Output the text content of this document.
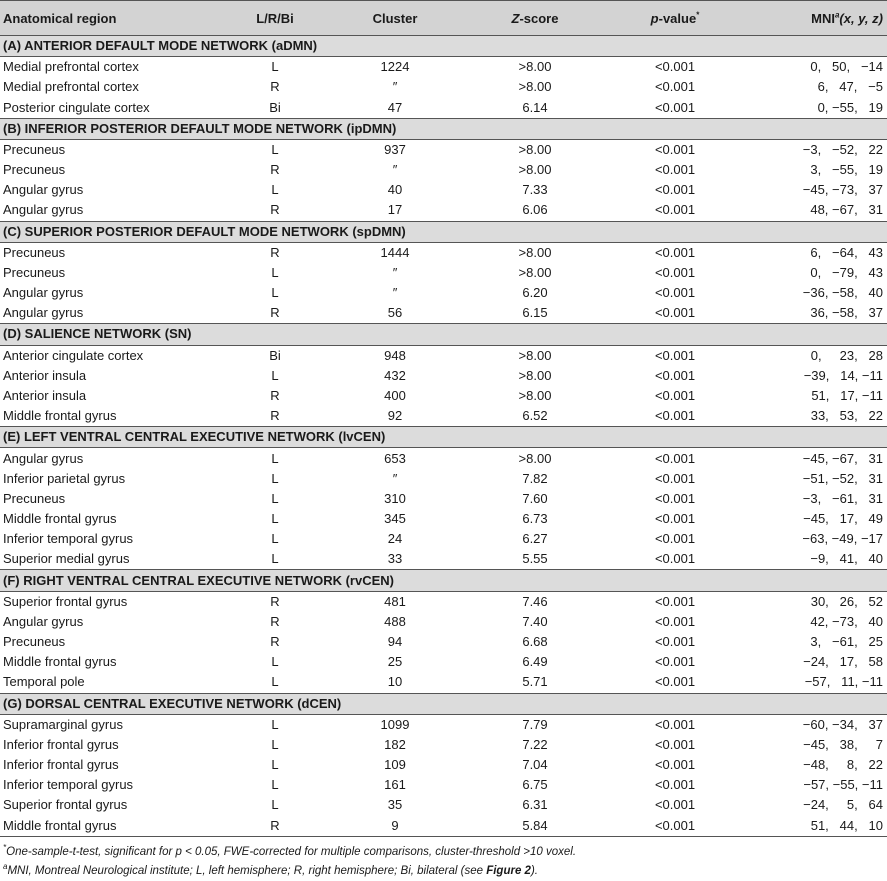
Anatomical region	L/R/Bi	Cluster	Z-score	p-value*	MNI$^a$(x, y, z)
(A) ANTERIOR DEFAULT MODE NETWORK (aDMN)					
Medial prefrontal cortex	L	1224	>8.00	<0.001	0,   50,   −14
Medial prefrontal cortex	R	″	>8.00	<0.001	6,   47,   −5
Posterior cingulate cortex	Bi	47	6.14	<0.001	0, −55,   19
(B) INFERIOR POSTERIOR DEFAULT MODE NETWORK (ipDMN)					
Precuneus	L	937	>8.00	<0.001	−3,   −52,   22
Precuneus	R	″	>8.00	<0.001	3,   −55,   19
Angular gyrus	L	40	7.33	<0.001	−45, −73,   37
Angular gyrus	R	17	6.06	<0.001	48, −67,   31
(C) SUPERIOR POSTERIOR DEFAULT MODE NETWORK (spDMN)					
Precuneus	R	1444	>8.00	<0.001	6,   −64,   43
Precuneus	L	″	>8.00	<0.001	0,   −79,   43
Angular gyrus	L	″	6.20	<0.001	−36, −58,   40
Angular gyrus	R	56	6.15	<0.001	36, −58,   37
(D) SALIENCE NETWORK (SN)					
Anterior cingulate cortex	Bi	948	>8.00	<0.001	0,     23,   28
Anterior insula	L	432	>8.00	<0.001	−39,   14, −11
Anterior insula	R	400	>8.00	<0.001	51,   17, −11
Middle frontal gyrus	R	92	6.52	<0.001	33,   53,   22
(E) LEFT VENTRAL CENTRAL EXECUTIVE NETWORK (lvCEN)					
Angular gyrus	L	653	>8.00	<0.001	−45, −67,   31
Inferior parietal gyrus	L	″	7.82	<0.001	−51, −52,   31
Precuneus	L	310	7.60	<0.001	−3,   −61,   31
Middle frontal gyrus	L	345	6.73	<0.001	−45,   17,   49
Inferior temporal gyrus	L	24	6.27	<0.001	−63, −49, −17
Superior medial gyrus	L	33	5.55	<0.001	−9,   41,   40
(F) RIGHT VENTRAL CENTRAL EXECUTIVE NETWORK (rvCEN)					
Superior frontal gyrus	R	481	7.46	<0.001	30,   26,   52
Angular gyrus	R	488	7.40	<0.001	42, −73,   40
Precuneus	R	94	6.68	<0.001	3,   −61,   25
Middle frontal gyrus	L	25	6.49	<0.001	−24,   17,   58
Temporal pole	L	10	5.71	<0.001	−57,   11, −11
(G) DORSAL CENTRAL EXECUTIVE NETWORK (dCEN)					
Supramarginal gyrus	L	1099	7.79	<0.001	−60, −34,   37
Inferior frontal gyrus	L	182	7.22	<0.001	−45,   38,     7
Inferior frontal gyrus	L	109	7.04	<0.001	−48,     8,   22
Inferior temporal gyrus	L	161	6.75	<0.001	−57, −55, −11
Superior frontal gyrus	L	35	6.31	<0.001	−24,     5,   64
Middle frontal gyrus	R	9	5.84	<0.001	51,   44,   10
*One-sample-t-test, significant for p < 0.05, FWE-corrected for multiple comparisons, cluster-threshold >10 voxel.
$^a$MNI, Montreal Neurological institute; L, left hemisphere; R, right hemisphere; Bi, bilateral (see Figure 2).
